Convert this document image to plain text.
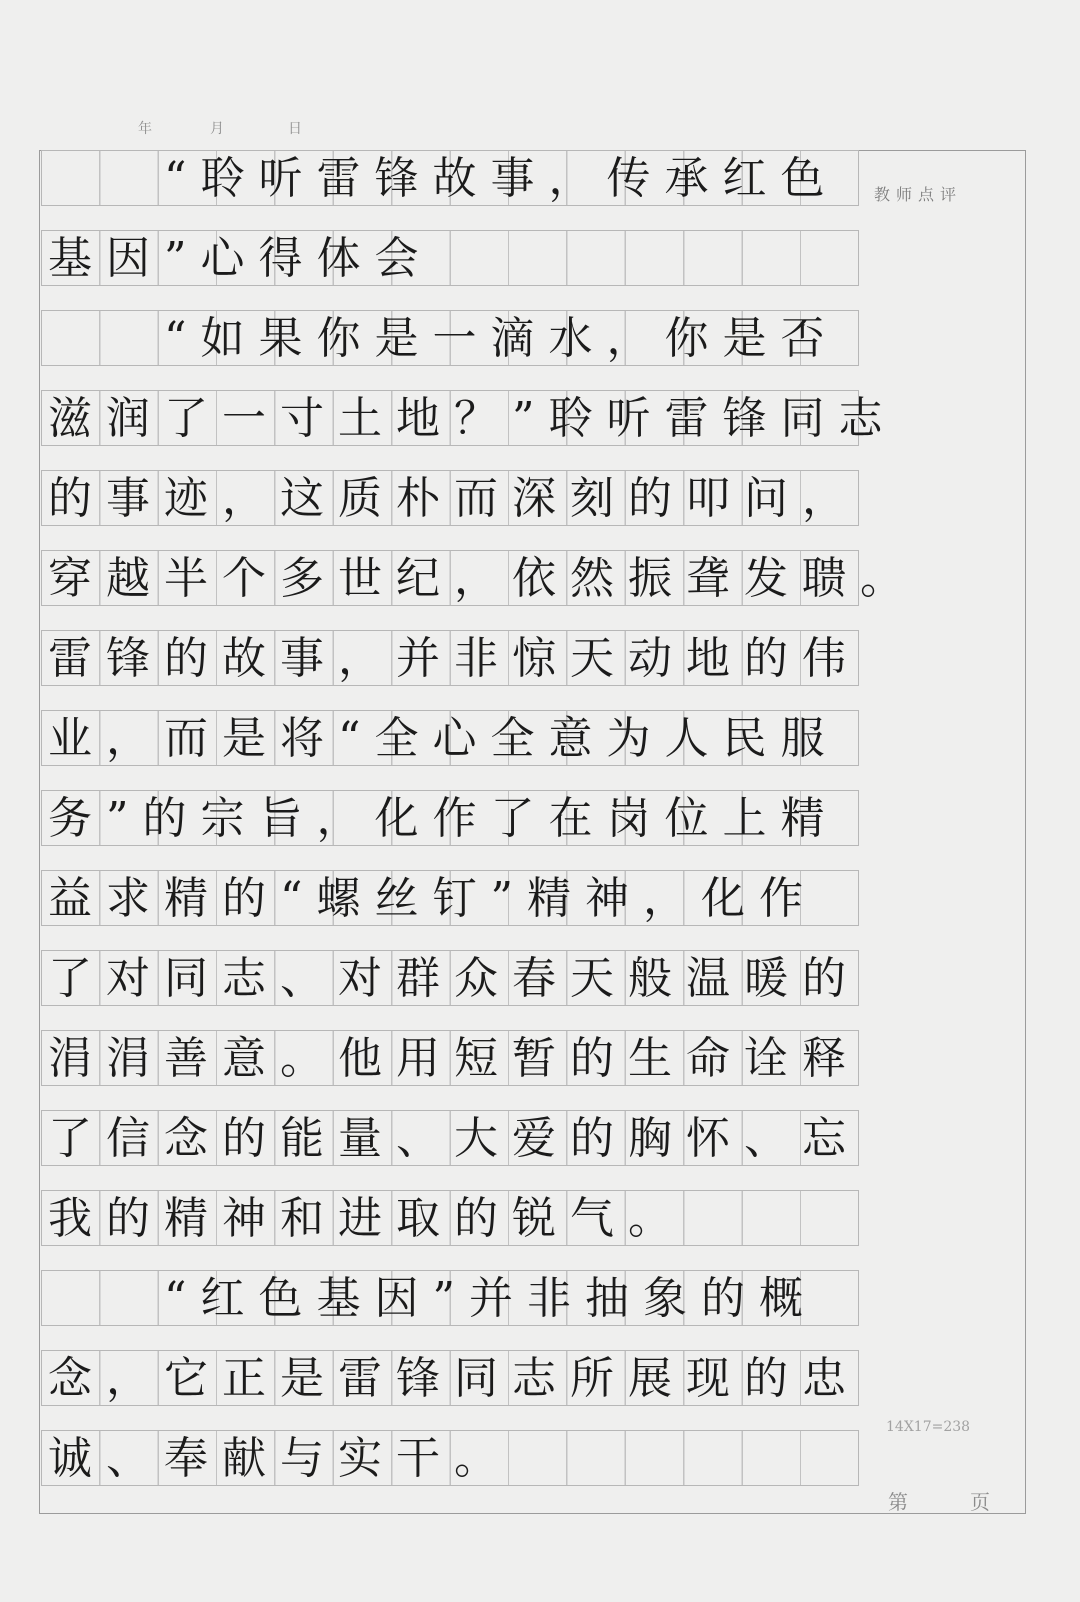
年	月	日
　　“聆听雷锋故事，传承红色
基因”心得体会
　　“如果你是一滴水，你是否
滋润了一寸土地？”聆听雷锋同志
的事迹，这质朴而深刻的叩问，
穿越半个多世纪，依然振聋发聩。
雷锋的故事，并非惊天动地的伟
业，而是将“全心全意为人民服
务”的宗旨，化作了在岗位上精
益求精的“螺丝钉”精神，化作
了对同志、对群众春天般温暖的
涓涓善意。他用短暂的生命诠释
了信念的能量、大爱的胸怀、忘
我的精神和进取的锐气。
　　“红色基因”并非抽象的概
念，它正是雷锋同志所展现的忠
诚、奉献与实干。
教师点评
14X17=238
第	页
